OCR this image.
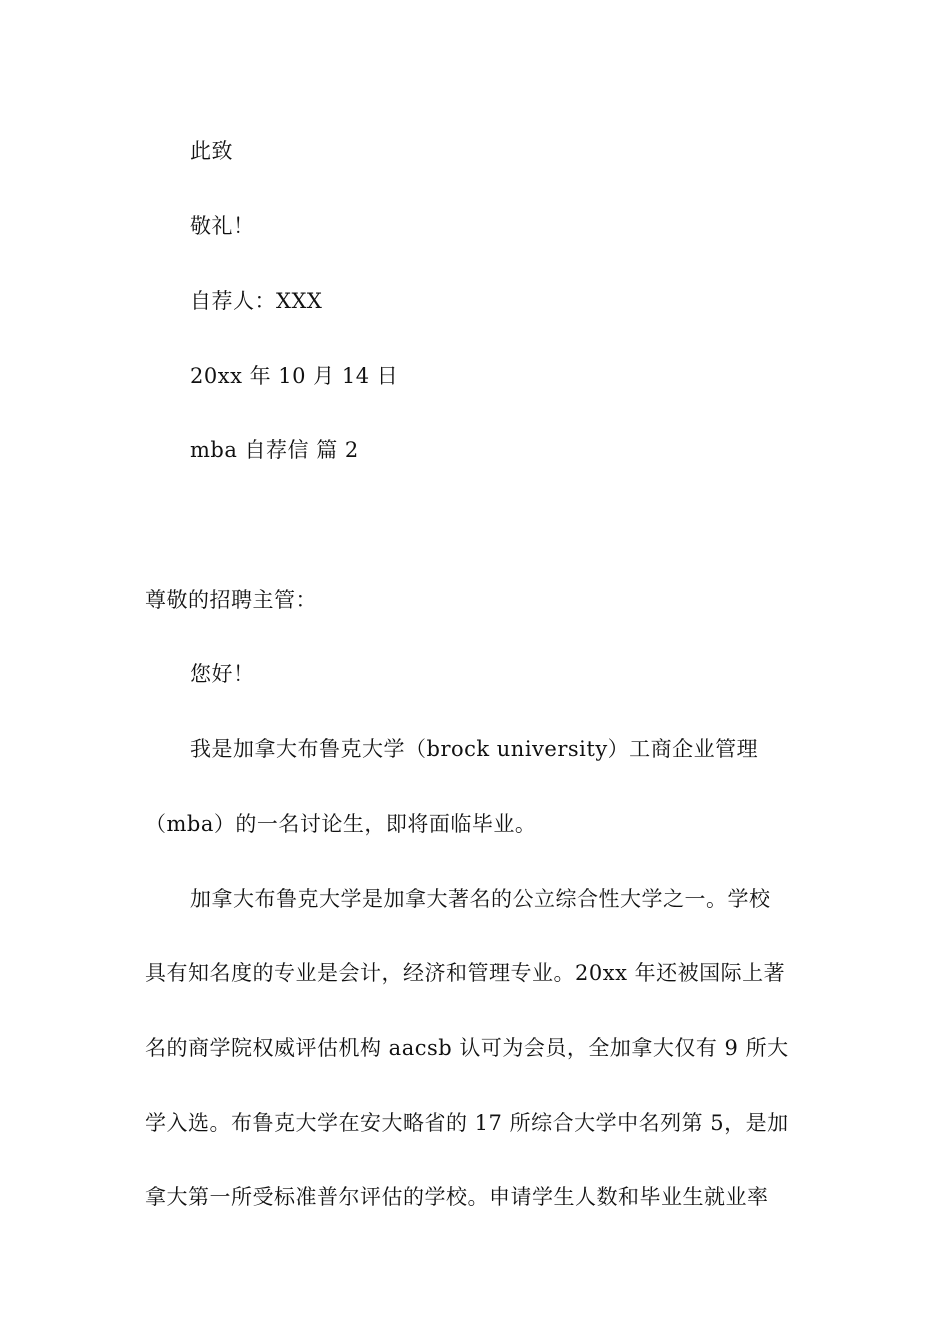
此致
敬礼！
自荐人：XXX
20xx 年 10 月 14 日
mba 自荐信 篇 2
尊敬的招聘主管：
您好！
我是加拿大布鲁克大学（brock university）工商企业管理
（mba）的一名讨论生，即将面临毕业。
加拿大布鲁克大学是加拿大著名的公立综合性大学之一。学校
具有知名度的专业是会计，经济和管理专业。20xx 年还被国际上著
名的商学院权威评估机构 aacsb 认可为会员，全加拿大仅有 9 所大
学入选。布鲁克大学在安大略省的 17 所综合大学中名列第 5，是加
拿大第一所受标准普尔评估的学校。申请学生人数和毕业生就业率
